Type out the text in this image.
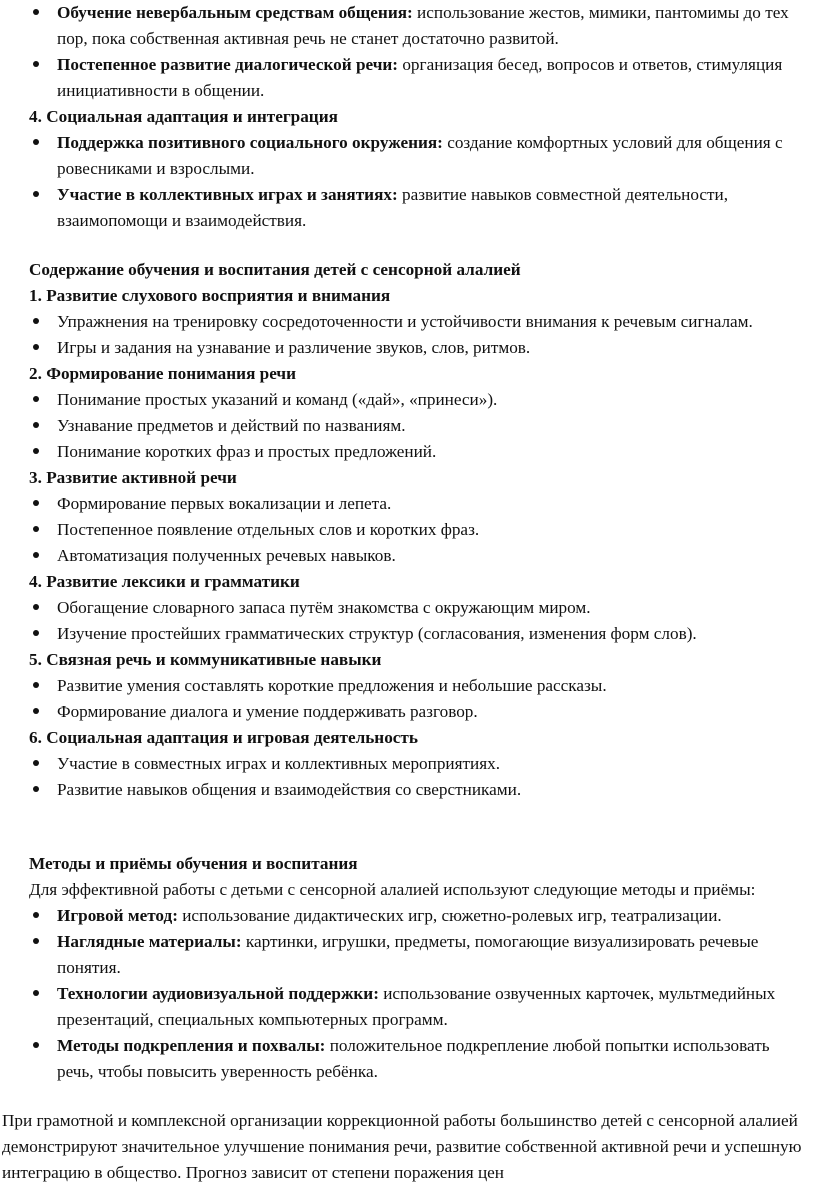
Обучение невербальным средствам общения: использование жестов, мимики, пантомимы до тех пор, пока собственная активная речь не станет достаточно развитой.
Постепенное развитие диалогической речи: организация бесед, вопросов и ответов, стимуляция инициативности в общении.
4. Социальная адаптация и интеграция
Поддержка позитивного социального окружения: создание комфортных условий для общения с ровесниками и взрослыми.
Участие в коллективных играх и занятиях: развитие навыков совместной деятельности, взаимопомощи и взаимодействия.
Содержание обучения и воспитания детей с сенсорной алалией
1. Развитие слухового восприятия и внимания
Упражнения на тренировку сосредоточенности и устойчивости внимания к речевым сигналам.
Игры и задания на узнавание и различение звуков, слов, ритмов.
2. Формирование понимания речи
Понимание простых указаний и команд («дай», «принеси»).
Узнавание предметов и действий по названиям.
Понимание коротких фраз и простых предложений.
3. Развитие активной речи
Формирование первых вокализации и лепета.
Постепенное появление отдельных слов и коротких фраз.
Автоматизация полученных речевых навыков.
4. Развитие лексики и грамматики
Обогащение словарного запаса путём знакомства с окружающим миром.
Изучение простейших грамматических структур (согласования, изменения форм слов).
5. Связная речь и коммуникативные навыки
Развитие умения составлять короткие предложения и небольшие рассказы.
Формирование диалога и умение поддерживать разговор.
6. Социальная адаптация и игровая деятельность
Участие в совместных играх и коллективных мероприятиях.
Развитие навыков общения и взаимодействия со сверстниками.
Методы и приёмы обучения и воспитания

Для эффективной работы с детьми с сенсорной алалией используют следующие методы и приёмы:

Игровой метод: использование дидактических игр, сюжетно-ролевых игр, театрализации.
Наглядные материалы: картинки, игрушки, предметы, помогающие визуализировать речевые понятия.
Технологии аудиовизуальной поддержки: использование озвученных карточек, мультмедийных презентаций, специальных компьютерных программ.
Методы подкрепления и похвалы: положительное подкрепление любой попытки использовать речь, чтобы повысить уверенность ребёнка.

При грамотной и комплексной организации коррекционной работы большинство детей с сенсорной алалией демонстрируют значительное улучшение понимания речи, развитие собственной активной речи и успешную интеграцию в общество. Прогноз зависит от степени поражения цен
